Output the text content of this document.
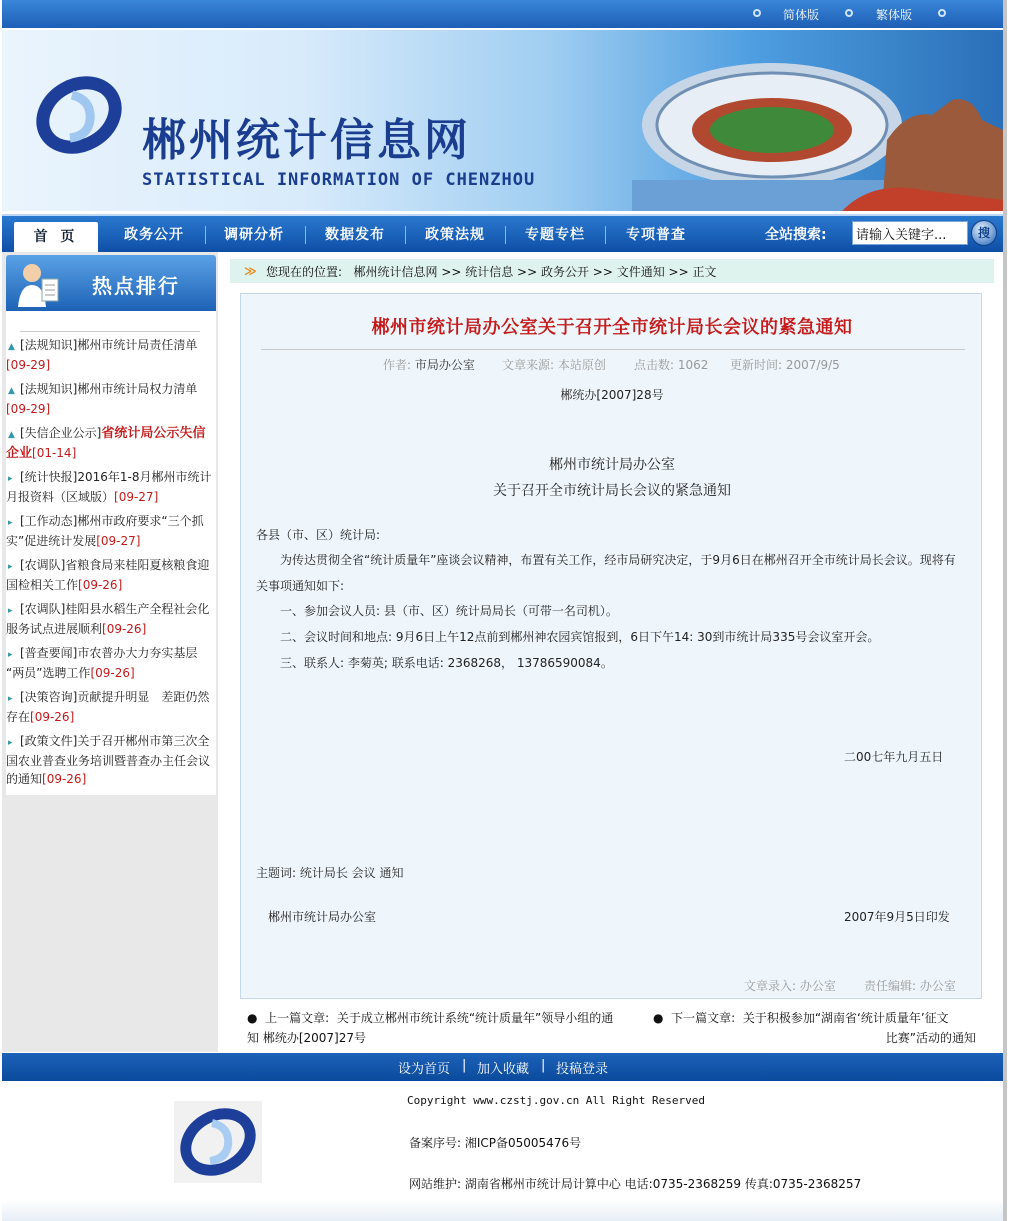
简体版	繁体版
郴州统计信息网
STATISTICAL INFORMATION OF CHENZHOU
首 页	政务公开	调研分析	数据发布	政策法规	专题专栏	专项普查	全站搜索:
请输入关键字...	搜
热点排行
▲ [法规知识]郴州市统计局责任清单
[09-29]
▲ [法规知识]郴州市统计局权力清单
[09-29]
▲ [失信企业公示]省统计局公示失信
企业[01-14]
▸ [统计快报]2016年1-8月郴州市统计
月报资料（区域版）[09-27]
▸ [工作动态]郴州市政府要求“三个抓
实”促进统计发展[09-27]
▸ [农调队]省粮食局来桂阳夏核粮食迎
国检相关工作[09-26]
▸ [农调队]桂阳县水稻生产全程社会化
服务试点进展顺利[09-26]
▸ [普查要闻]市农普办大力夯实基层
“两员”选聘工作[09-26]
▸ [决策咨询]贡献提升明显　差距仍然
存在[09-26]
▸ [政策文件]关于召开郴州市第三次全
国农业普查业务培训暨普查办主任会议
的通知[09-26]
≫ 您现在的位置: 郴州统计信息网 >> 统计信息 >> 政务公开 >> 文件通知 >> 正文
郴州市统计局办公室关于召开全市统计局长会议的紧急通知
作者: 市局办公室 文章来源: 本站原创 点击数: 1062 更新时间: 2007/9/5
郴统办[2007]28号
郴州市统计局办公室
关于召开全市统计局长会议的紧急通知
各县（市、区）统计局:
为传达贯彻全省“统计质量年”座谈会议精神，布置有关工作，经市局研究决定，于9月6日在郴州召开全市统计局长会议。现将有
关事项通知如下:
一、参加会议人员: 县（市、区）统计局局长（可带一名司机）。
二、会议时间和地点: 9月6日上午12点前到郴州神农园宾馆报到，6日下午14: 30到市统计局335号会议室开会。
三、联系人: 李菊英; 联系电话: 2368268， 13786590084。
二00七年九月五日
主题词: 统计局长 会议 通知
郴州市统计局办公室	2007年9月5日印发
文章录入: 办公室 责任编辑: 办公室
● 上一篇文章: 关于成立郴州市统计系统“统计质量年”领导小组的通
知 郴统办[2007]27号
● 下一篇文章: 关于积极参加“湖南省‘统计质量年’征文
比赛”活动的通知
设为首页 | 加入收藏 | 投稿登录
Copyright www.czstj.gov.cn All Right Reserved
备案序号: 湘ICP备05005476号
网站维护: 湖南省郴州市统计局计算中心 电话:0735-2368259 传真:0735-2368257
